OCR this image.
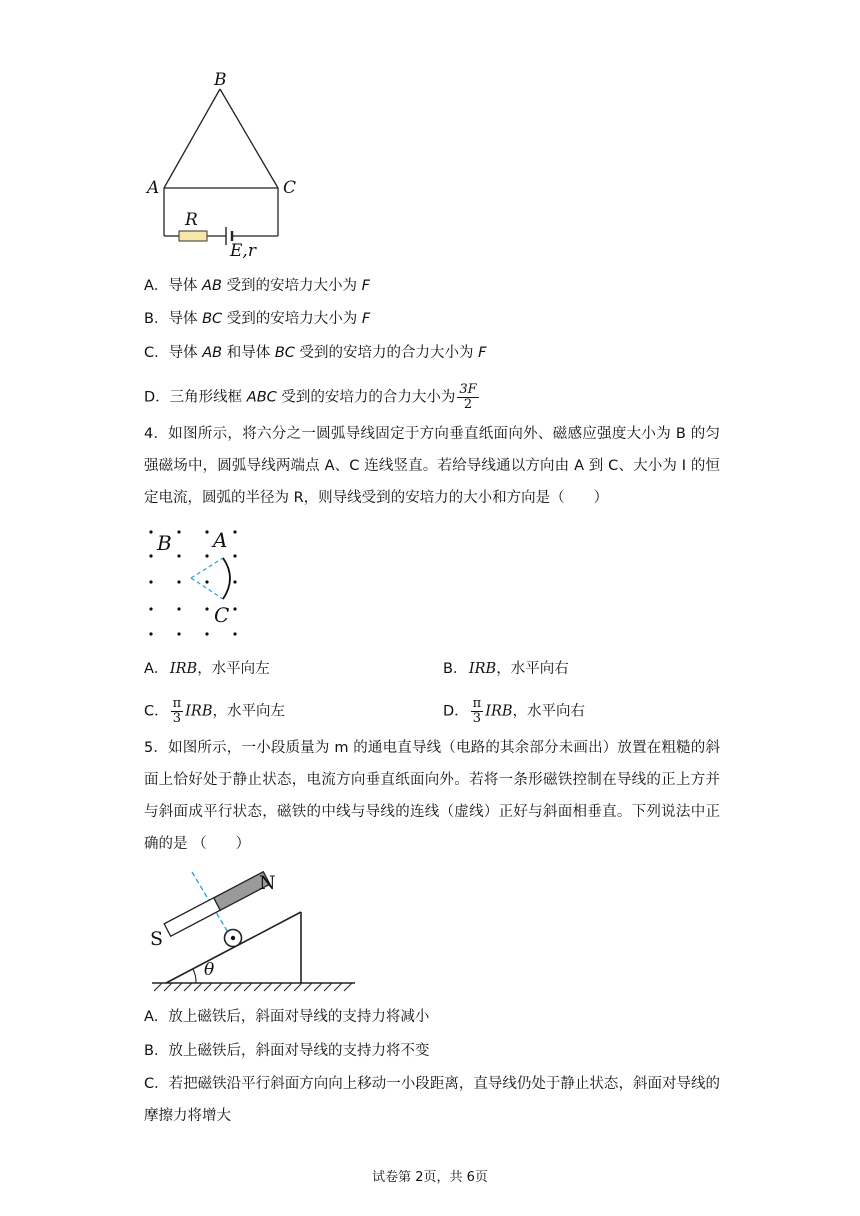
B
A	C
R
E,r
A．导体 AB 受到的安培力大小为 F
B．导体 BC 受到的安培力大小为 F
C．导体 AB 和导体 BC 受到的安培力的合力大小为 F
D．三角形线框 ABC 受到的安培力的合力大小为 $\frac{3F}{2}$
4．如图所示，将六分之一圆弧导线固定于方向垂直纸面向外、磁感应强度大小为 B 的匀强磁场中，圆弧导线两端点 A、C 连线竖直。若给导线通以方向由 A 到 C、大小为 I 的恒定电流，圆弧的半径为 R，则导线受到的安培力的大小和方向是（　　）
B A
C
A． IRB，水平向左	B． IRB，水平向右
C． $\frac{\pi}{3}$ IRB，水平向左	D． $\frac{\pi}{3}$ IRB，水平向右
5．如图所示，一小段质量为 m 的通电直导线（电路的其余部分未画出）放置在粗糙的斜面上恰好处于静止状态，电流方向垂直纸面向外。若将一条形磁铁控制在导线的正上方并与斜面成平行状态，磁铁的中线与导线的连线（虚线）正好与斜面相垂直。下列说法中正确的是 （　　）
N
S
θ
A．放上磁铁后，斜面对导线的支持力将减小
B．放上磁铁后，斜面对导线的支持力将不变
C．若把磁铁沿平行斜面方向向上移动一小段距离，直导线仍处于静止状态，斜面对导线的摩擦力将增大
试卷第 2页，共 6页
